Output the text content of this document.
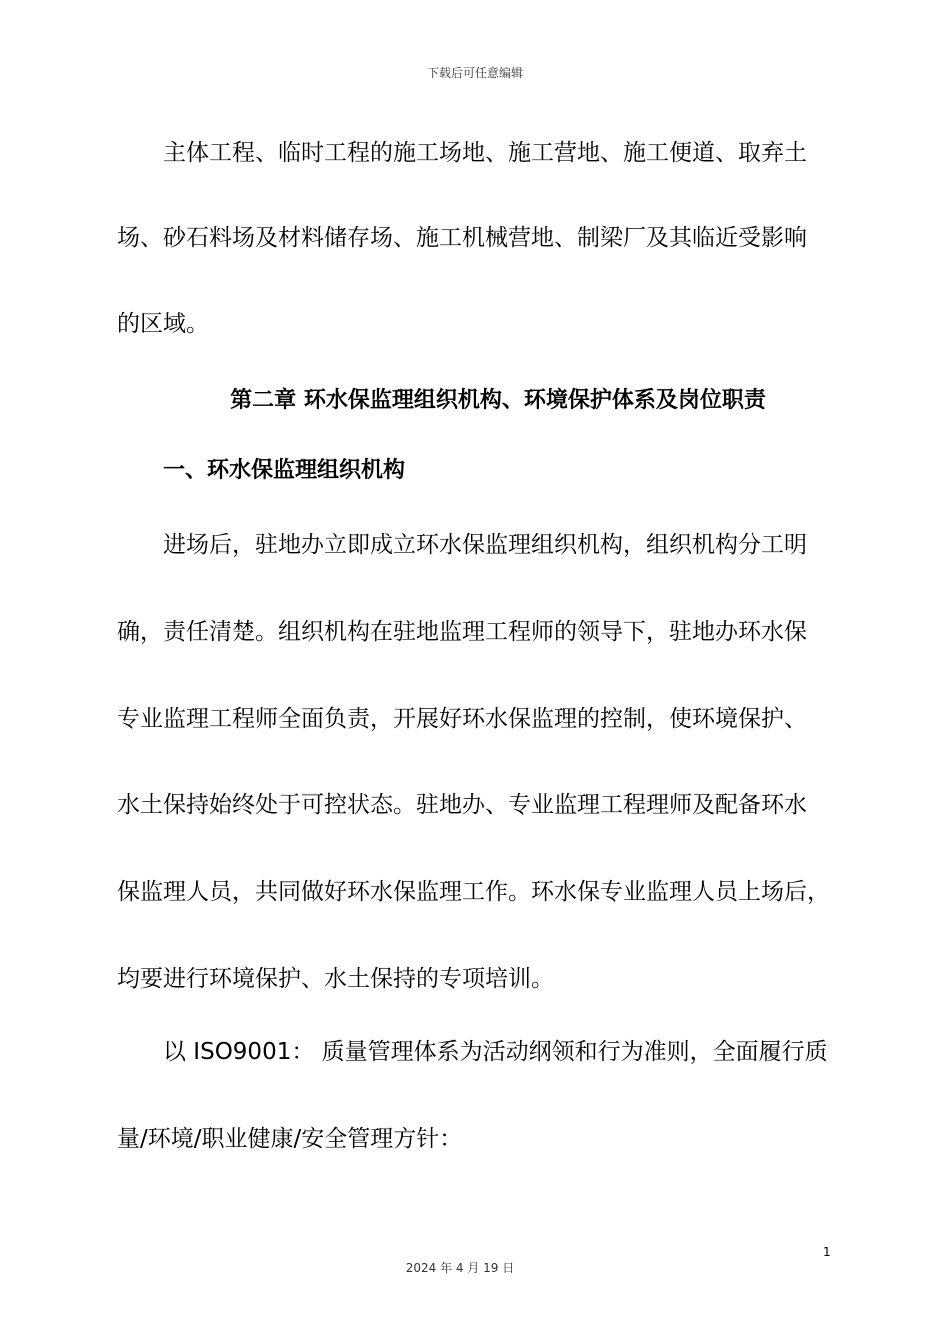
下载后可任意编辑
主体工程、临时工程的施工场地、施工营地、施工便道、取弃土
场、砂石料场及材料储存场、施工机械营地、制梁厂及其临近受影响
的区域。
第二章 环水保监理组织机构、环境保护体系及岗位职责
一、环水保监理组织机构
进场后，驻地办立即成立环水保监理组织机构，组织机构分工明
确，责任清楚。组织机构在驻地监理工程师的领导下，驻地办环水保
专业监理工程师全面负责，开展好环水保监理的控制，使环境保护、
水土保持始终处于可控状态。驻地办、专业监理工程理师及配备环水
保监理人员，共同做好环水保监理工作。环水保专业监理人员上场后，
均要进行环境保护、水土保持的专项培训。
以 ISO9001： 质量管理体系为活动纲领和行为准则，全面履行质
量/环境/职业健康/安全管理方针：
1
2024 年 4 月 19 日
